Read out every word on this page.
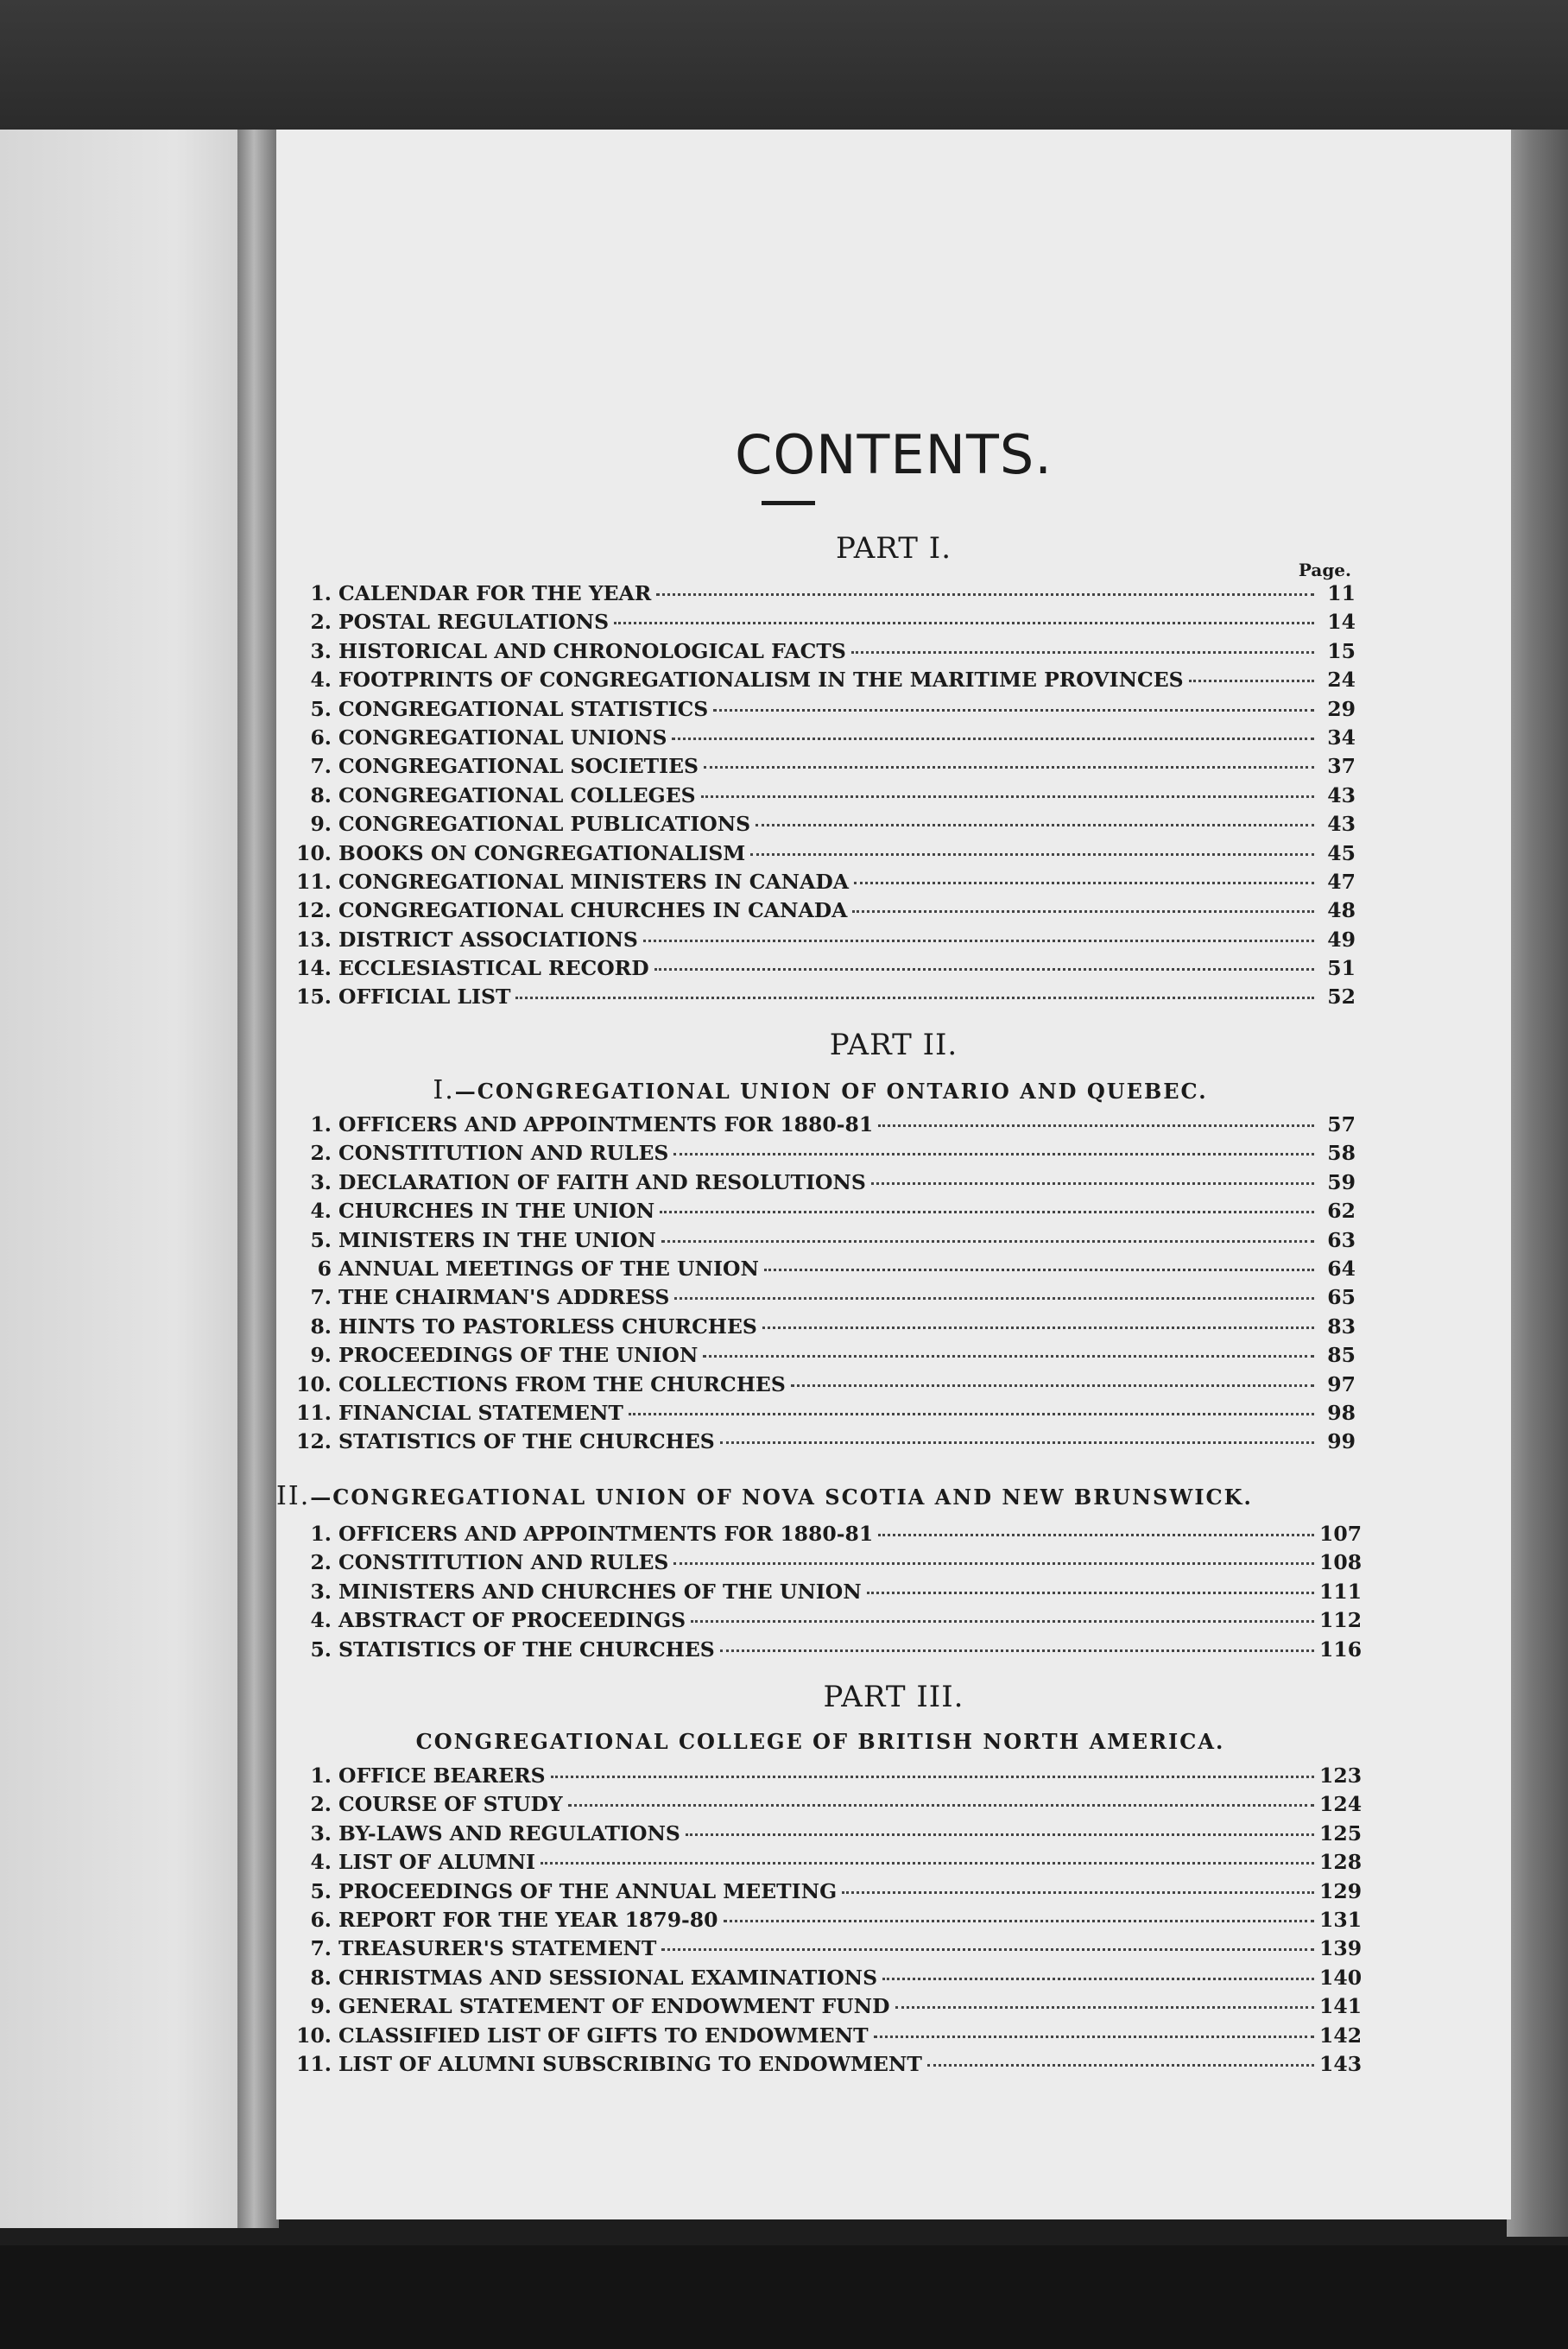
CONTENTS.
PART I.
Page.
1. CALENDAR FOR THE YEAR	11
2. POSTAL REGULATIONS	14
3. HISTORICAL AND CHRONOLOGICAL FACTS	15
4. FOOTPRINTS OF CONGREGATIONALISM IN THE MARITIME PROVINCES	24
5. CONGREGATIONAL STATISTICS	29
6. CONGREGATIONAL UNIONS	34
7. CONGREGATIONAL SOCIETIES	37
8. CONGREGATIONAL COLLEGES	43
9. CONGREGATIONAL PUBLICATIONS	43
10. BOOKS ON CONGREGATIONALISM	45
11. CONGREGATIONAL MINISTERS IN CANADA	47
12. CONGREGATIONAL CHURCHES IN CANADA	48
13. DISTRICT ASSOCIATIONS	49
14. ECCLESIASTICAL RECORD	51
15. OFFICIAL LIST	52
PART II.
I.—CONGREGATIONAL UNION OF ONTARIO AND QUEBEC.
1. OFFICERS AND APPOINTMENTS FOR 1880-81	57
2. CONSTITUTION AND RULES	58
3. DECLARATION OF FAITH AND RESOLUTIONS	59
4. CHURCHES IN THE UNION	62
5. MINISTERS IN THE UNION	63
6 ANNUAL MEETINGS OF THE UNION	64
7. THE CHAIRMAN'S ADDRESS	65
8. HINTS TO PASTORLESS CHURCHES	83
9. PROCEEDINGS OF THE UNION	85
10. COLLECTIONS FROM THE CHURCHES	97
11. FINANCIAL STATEMENT	98
12. STATISTICS OF THE CHURCHES	99
II.—CONGREGATIONAL UNION OF NOVA SCOTIA AND NEW BRUNSWICK.
1. OFFICERS AND APPOINTMENTS FOR 1880-81	107
2. CONSTITUTION AND RULES	108
3. MINISTERS AND CHURCHES OF THE UNION	111
4. ABSTRACT OF PROCEEDINGS	112
5. STATISTICS OF THE CHURCHES	116
PART III.
CONGREGATIONAL COLLEGE OF BRITISH NORTH AMERICA.
1. OFFICE BEARERS	123
2. COURSE OF STUDY	124
3. BY-LAWS AND REGULATIONS	125
4. LIST OF ALUMNI	128
5. PROCEEDINGS OF THE ANNUAL MEETING	129
6. REPORT FOR THE YEAR 1879-80	131
7. TREASURER'S STATEMENT	139
8. CHRISTMAS AND SESSIONAL EXAMINATIONS	140
9. GENERAL STATEMENT OF ENDOWMENT FUND	141
10. CLASSIFIED LIST OF GIFTS TO ENDOWMENT	142
11. LIST OF ALUMNI SUBSCRIBING TO ENDOWMENT	143
